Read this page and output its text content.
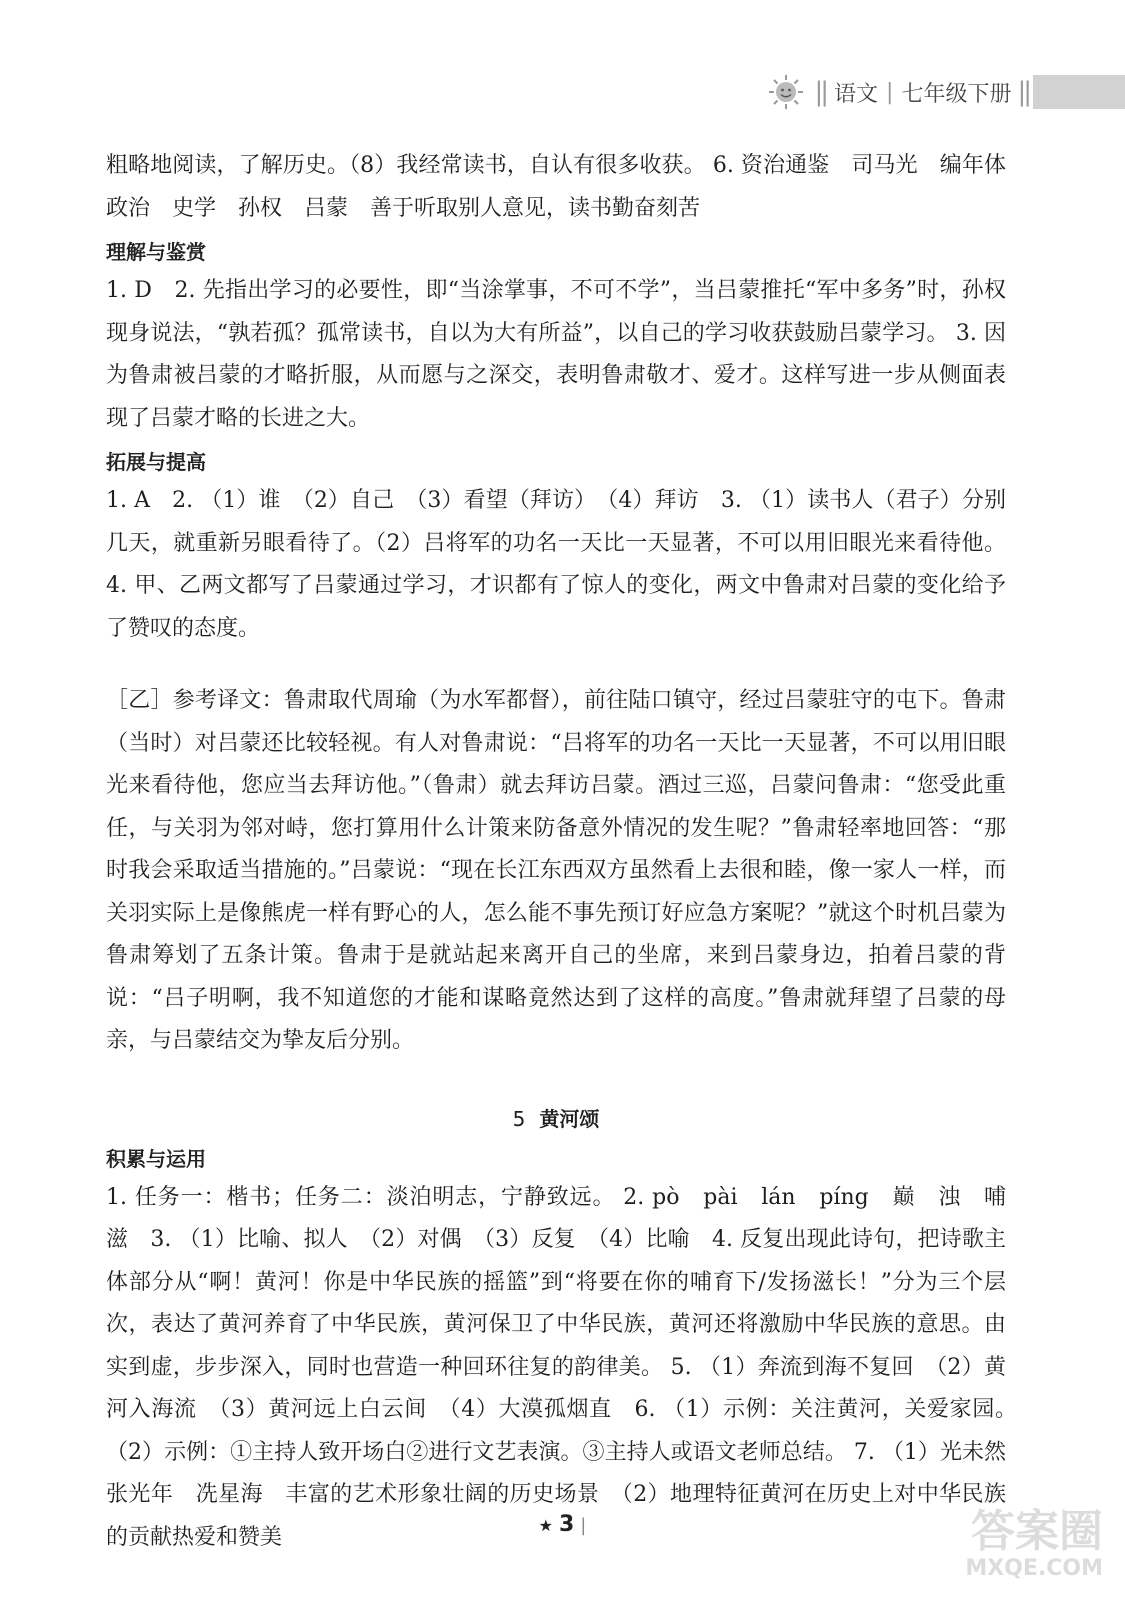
|| 语文 | 七年级下册 ||

粗略地阅读，了解历史。（8）我经常读书，自认有很多收获。 6. 资治通鉴　司马光　编年体　政治　史学　孙权　吕蒙　善于听取别人意见，读书勤奋刻苦

理解与鉴赏

1. D　2. 先指出学习的必要性，即“当涂掌事，不可不学”，当吕蒙推托“军中多务”时，孙权现身说法，“孰若孤？孤常读书，自以为大有所益”，以自己的学习收获鼓励吕蒙学习。 3. 因为鲁肃被吕蒙的才略折服，从而愿与之深交，表明鲁肃敬才、爱才。这样写进一步从侧面表现了吕蒙才略的长进之大。

拓展与提高

1. A　2. （1）谁　（2）自己　（3）看望（拜访）　（4）拜访　3. （1）读书人（君子）分别几天，就重新另眼看待了。（2）吕将军的功名一天比一天显著，不可以用旧眼光来看待他。 4. 甲、乙两文都写了吕蒙通过学习，才识都有了惊人的变化，两文中鲁肃对吕蒙的变化给予了赞叹的态度。

［乙］参考译文：鲁肃取代周瑜（为水军都督），前往陆口镇守，经过吕蒙驻守的屯下。鲁肃（当时）对吕蒙还比较轻视。有人对鲁肃说：“吕将军的功名一天比一天显著，不可以用旧眼光来看待他，您应当去拜访他。”（鲁肃）就去拜访吕蒙。酒过三巡，吕蒙问鲁肃：“您受此重任，与关羽为邻对峙，您打算用什么计策来防备意外情况的发生呢？”鲁肃轻率地回答：“那时我会采取适当措施的。”吕蒙说：“现在长江东西双方虽然看上去很和睦，像一家人一样，而关羽实际上是像熊虎一样有野心的人，怎么能不事先预订好应急方案呢？”就这个时机吕蒙为鲁肃筹划了五条计策。鲁肃于是就站起来离开自己的坐席，来到吕蒙身边，拍着吕蒙的背说：“吕子明啊，我不知道您的才能和谋略竟然达到了这样的高度。”鲁肃就拜望了吕蒙的母亲，与吕蒙结交为挚友后分别。

5 黄河颂

积累与运用

1. 任务一：楷书；任务二：淡泊明志，宁静致远。 2. pò　pài　lán　píng　巅　浊　哺　滋　3. （1）比喻、拟人　（2）对偶　（3）反复　（4）比喻　4. 反复出现此诗句，把诗歌主体部分从“啊！黄河！你是中华民族的摇篮”到“将要在你的哺育下/发扬滋长！”分为三个层次，表达了黄河养育了中华民族，黄河保卫了中华民族，黄河还将激励中华民族的意思。由实到虚，步步深入，同时也营造一种回环往复的韵律美。 5. （1）奔流到海不复回　（2）黄河入海流　（3）黄河远上白云间　（4）大漠孤烟直　6. （1）示例：关注黄河，关爱家园。　（2）示例：①主持人致开场白②进行文艺表演。③主持人或语文老师总结。 7. （1）光未然　张光年　冼星海　丰富的艺术形象壮阔的历史场景　（2）地理特征黄河在历史上对中华民族的贡献热爱和赞美	★ 3 |	答案圈
MXQE.COM
